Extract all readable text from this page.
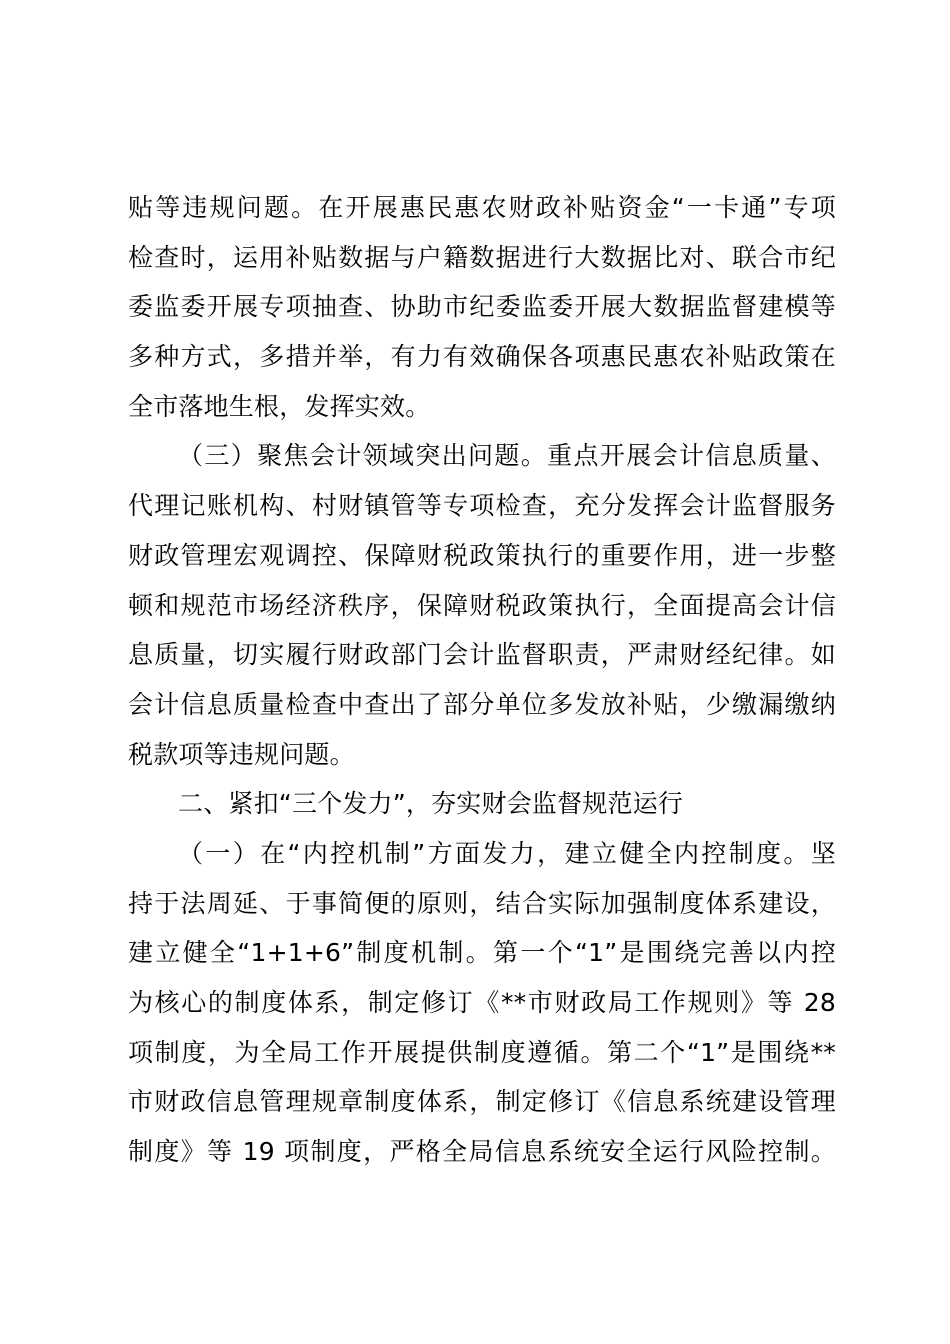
贴等违规问题。在开展惠民惠农财政补贴资金“一卡通”专项
检查时，运用补贴数据与户籍数据进行大数据比对、联合市纪
委监委开展专项抽查、协助市纪委监委开展大数据监督建模等
多种方式，多措并举，有力有效确保各项惠民惠农补贴政策在
全市落地生根，发挥实效。
（三）聚焦会计领域突出问题。重点开展会计信息质量、
代理记账机构、村财镇管等专项检查，充分发挥会计监督服务
财政管理宏观调控、保障财税政策执行的重要作用，进一步整
顿和规范市场经济秩序，保障财税政策执行，全面提高会计信
息质量，切实履行财政部门会计监督职责，严肃财经纪律。如
会计信息质量检查中查出了部分单位多发放补贴，少缴漏缴纳
税款项等违规问题。
二、紧扣“三个发力”，夯实财会监督规范运行
（一）在“内控机制”方面发力，建立健全内控制度。坚
持于法周延、于事简便的原则，结合实际加强制度体系建设，
建立健全“1+1+6”制度机制。第一个“1”是围绕完善以内控
为核心的制度体系，制定修订《**市财政局工作规则》等 28
项制度，为全局工作开展提供制度遵循。第二个“1”是围绕**
市财政信息管理规章制度体系，制定修订《信息系统建设管理
制度》等 19 项制度，严格全局信息系统安全运行风险控制。
